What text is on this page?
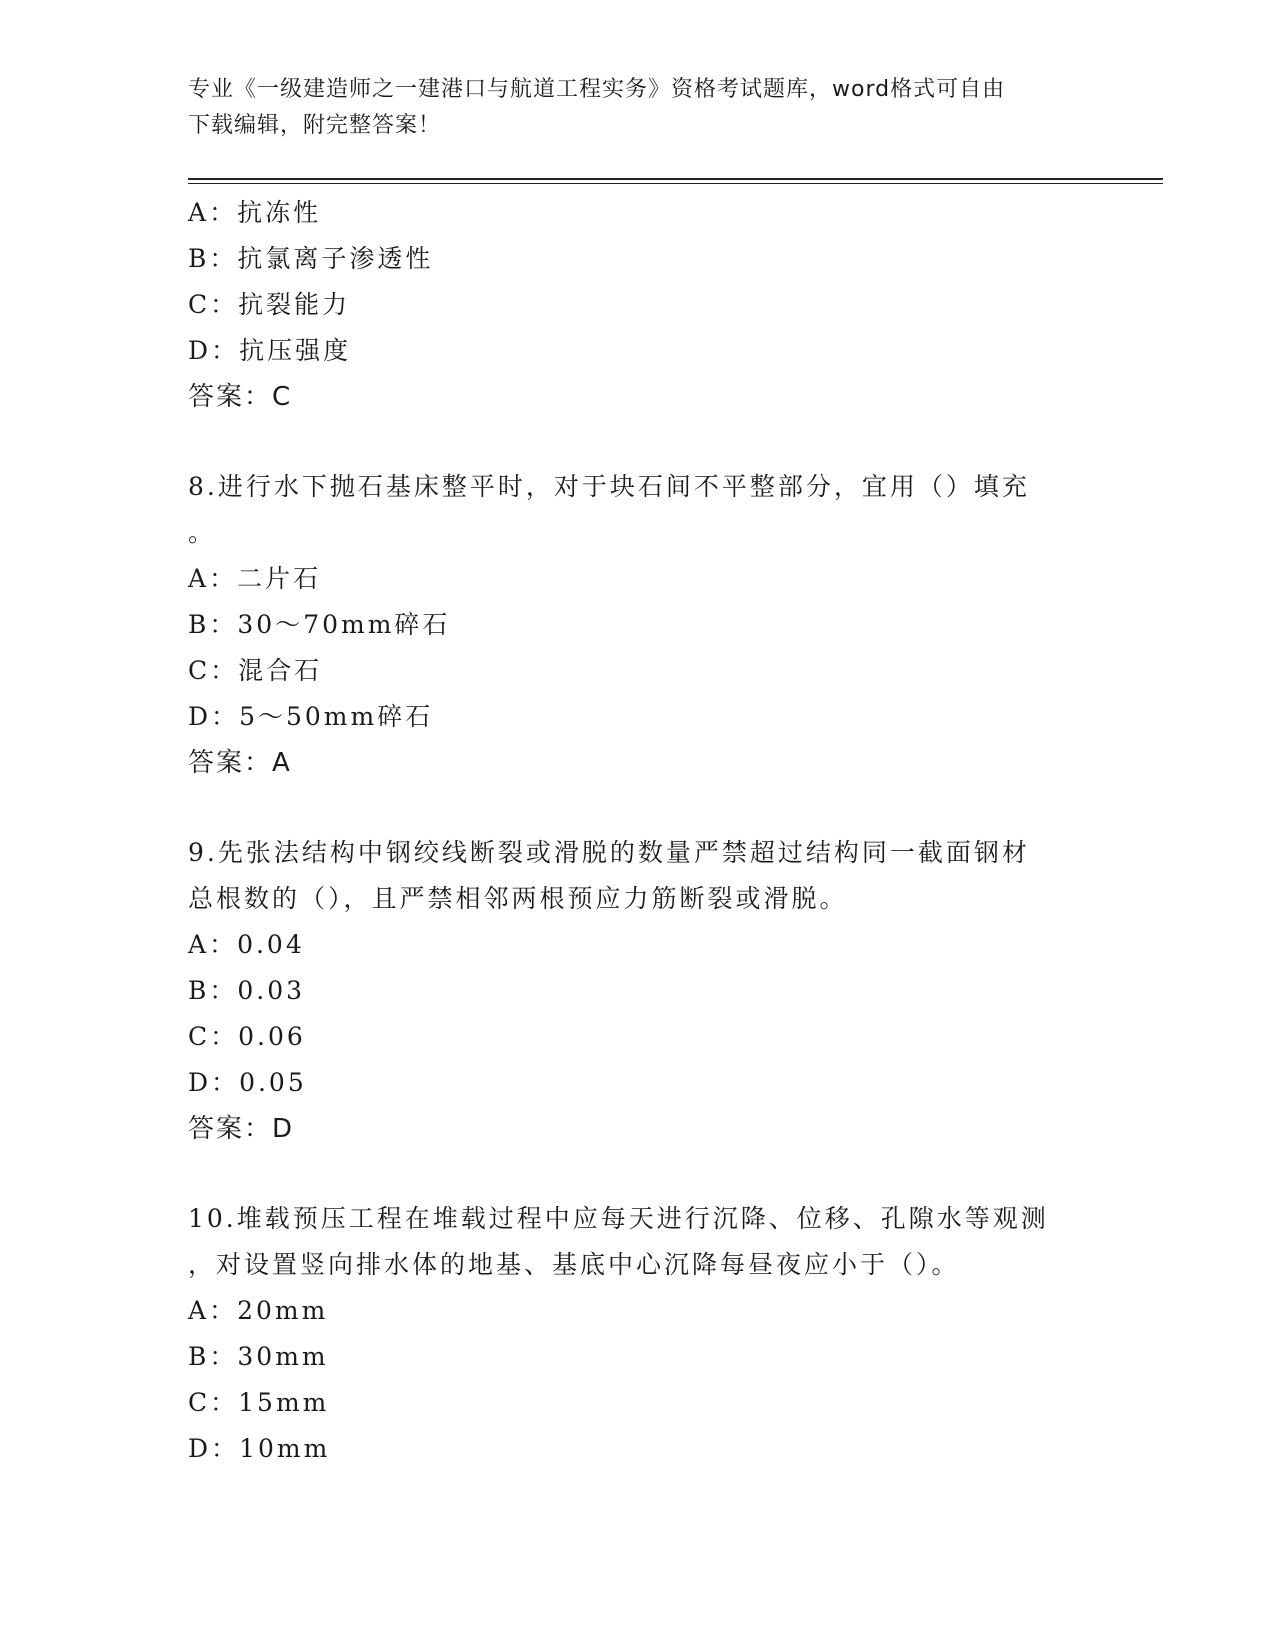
专业《一级建造师之一建港口与航道工程实务》资格考试题库，word格式可自由
下载编辑，附完整答案！
A：抗冻性
B：抗氯离子渗透性
C：抗裂能力
D：抗压强度
答案：C
8.进行水下抛石基床整平时，对于块石间不平整部分，宜用（）填充
。
A：二片石
B：30～70mm碎石
C：混合石
D：5～50mm碎石
答案：A
9.先张法结构中钢绞线断裂或滑脱的数量严禁超过结构同一截面钢材
总根数的（），且严禁相邻两根预应力筋断裂或滑脱。
A：0.04
B：0.03
C：0.06
D：0.05
答案：D
10.堆载预压工程在堆载过程中应每天进行沉降、位移、孔隙水等观测
，对设置竖向排水体的地基、基底中心沉降每昼夜应小于（）。
A：20mm
B：30mm
C：15mm
D：10mm
